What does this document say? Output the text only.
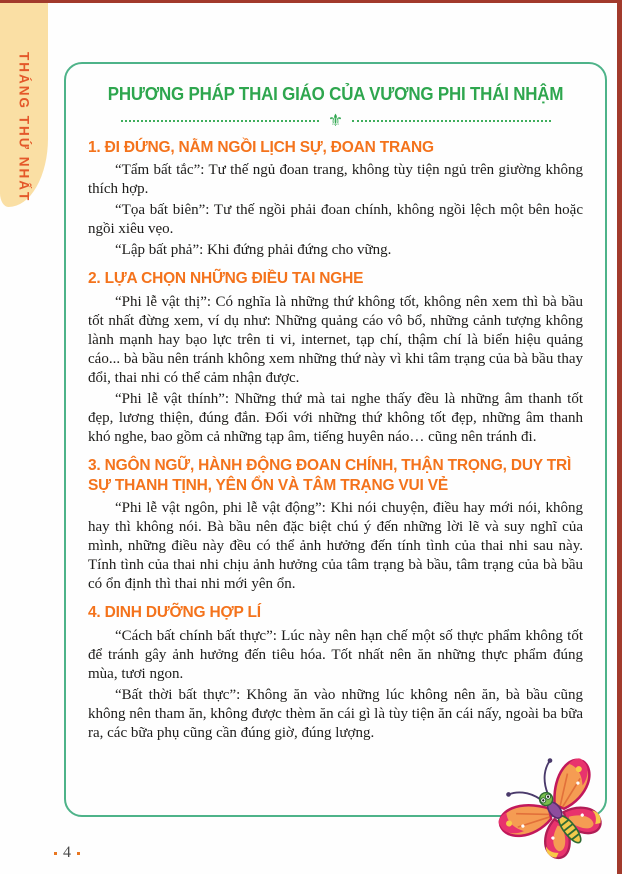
THÁNG THỨ NHẤT	PHƯƠNG PHÁP THAI GIÁO CỦA VƯƠNG PHI THÁI NHẬM
⚜
1. ĐI ĐỨNG, NẰM NGỒI LỊCH SỰ, ĐOAN TRANG

“Tẩm bất tắc”: Tư thế ngủ đoan trang, không tùy tiện ngủ trên giường không thích hợp.

“Tọa bất biên”: Tư thế ngồi phải đoan chính, không ngồi lệch một bên hoặc ngồi xiêu vẹo.

“Lập bất phả”: Khi đứng phải đứng cho vững.

2. LỰA CHỌN NHỮNG ĐIỀU TAI NGHE

“Phi lễ vật thị”: Có nghĩa là những thứ không tốt, không nên xem thì bà bầu tốt nhất đừng xem, ví dụ như: Những quảng cáo vô bổ, những cảnh tượng không lành mạnh hay bạo lực trên ti vi, internet, tạp chí, thậm chí là biển hiệu quảng cáo... bà bầu nên tránh không xem những thứ này vì khi tâm trạng của bà bầu thay đổi, thai nhi có thể cảm nhận được.

“Phi lễ vật thính”: Những thứ mà tai nghe thấy đều là những âm thanh tốt đẹp, lương thiện, đúng đắn. Đối với những thứ không tốt đẹp, những âm thanh khó nghe, bao gồm cả những tạp âm, tiếng huyên náo… cũng nên tránh đi.

3. NGÔN NGỮ, HÀNH ĐỘNG ĐOAN CHÍNH, THẬN TRỌNG, DUY TRÌ SỰ THANH TỊNH, YÊN ỔN VÀ TÂM TRẠNG VUI VẺ

“Phi lễ vật ngôn, phi lễ vật động”: Khi nói chuyện, điều hay mới nói, không hay thì không nói. Bà bầu nên đặc biệt chú ý đến những lời lẽ và suy nghĩ của mình, những điều này đều có thể ảnh hưởng đến tính tình của thai nhi sau này. Tính tình của thai nhi chịu ảnh hưởng của tâm trạng bà bầu, tâm trạng của bà bầu có ổn định thì thai nhi mới yên ổn.

4. DINH DƯỠNG HỢP LÍ

“Cách bất chính bất thực”: Lúc này nên hạn chế một số thực phẩm không tốt để tránh gây ảnh hưởng đến tiêu hóa. Tốt nhất nên ăn những thực phẩm đúng mùa, tươi ngon.

“Bất thời bất thực”: Không ăn vào những lúc không nên ăn, bà bầu cũng không nên tham ăn, không được thèm ăn cái gì là tùy tiện ăn cái nấy, ngoài ba bữa ra, các bữa phụ cũng cần đúng giờ, đúng lượng.

4
